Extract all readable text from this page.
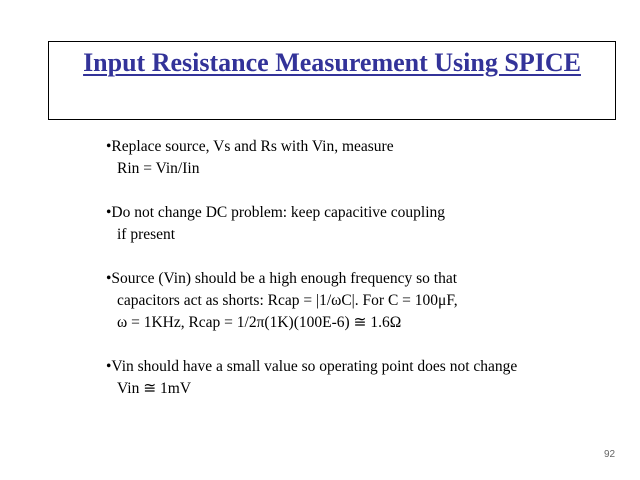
Input Resistance Measurement Using SPICE
•Replace source, Vs and Rs with Vin, measure
Rin = Vin/Iin
•Do not change DC problem: keep capacitive coupling
if present
•Source (Vin) should be a high enough frequency so that
capacitors act as shorts: Rcap = |1/ωC|. For C = 100μF,
ω = 1KHz, Rcap = 1/2π(1K)(100E-6) ≅ 1.6Ω
•Vin should have a small value so operating point does not change
Vin ≅ 1mV
92
